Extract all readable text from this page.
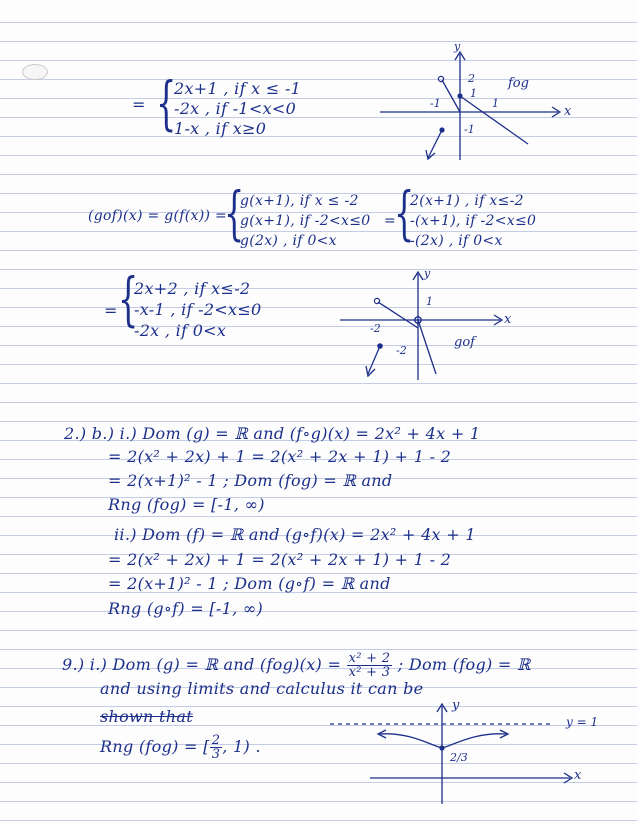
= {
2x+1 , if x ≤ -1
-2x , if -1<x<0
1-x , if x≥0
y
x
2
1
-1	1
-1
fog
(gof)(x) = g(f(x)) =
{
g(x+1), if x ≤ -2
g(x+1), if -2<x≤0
g(2x) , if 0<x
=
{
2(x+1) , if x≤-2
-(x+1), if -2<x≤0
-(2x) , if 0<x
= {
2x+2 , if x≤-2
-x-1 , if -2<x≤0
-2x , if 0<x
y
x
1
-2
-2
gof
2.) b.) i.) Dom (g) = ℝ and (f∘g)(x) = 2x² + 4x + 1
= 2(x² + 2x) + 1 = 2(x² + 2x + 1) + 1 - 2
= 2(x+1)² - 1 ; Dom (fog) = ℝ and
Rng (fog) = [-1, ∞)
ii.) Dom (f) = ℝ and (g∘f)(x) = 2x² + 4x + 1
= 2(x² + 2x) + 1 = 2(x² + 2x + 1) + 1 - 2
= 2(x+1)² - 1 ; Dom (g∘f) = ℝ and
Rng (g∘f) = [-1, ∞)
9.) i.) Dom (g) = ℝ and $(fog)(x) = \frac{\text{x² + 2}}{\text{x² + 3}}$ ; Dom (fog) = ℝ
and using limits and calculus it can be
shown that
Rng (fog) = [ $\frac{2}{3}$ , 1) .
y
x
y = 1
2/3
